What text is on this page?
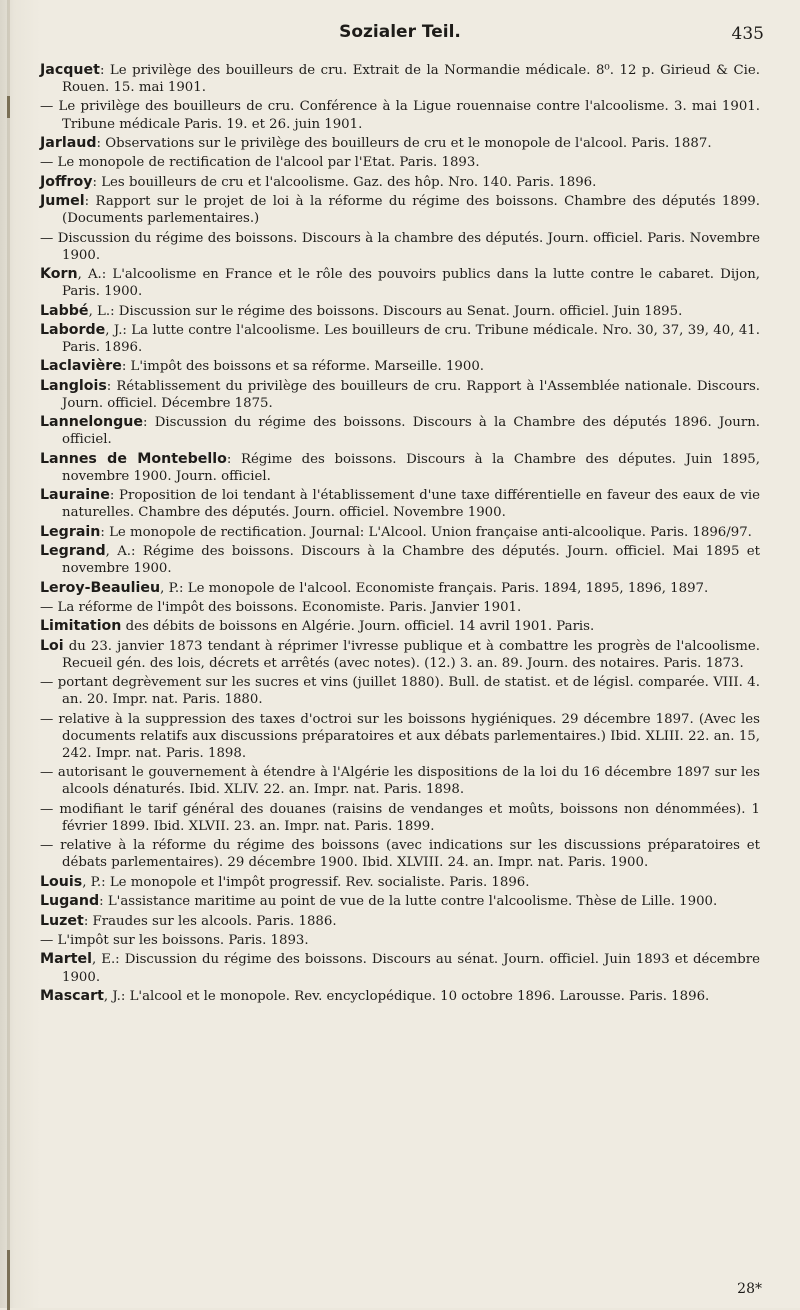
Sozialer Teil.	435

Jacquet: Le privilège des bouilleurs de cru. Extrait de la Normandie médicale. 8⁰. 12 p. Girieud & Cie. Rouen. 15. mai 1901.

— Le privilège des bouilleurs de cru. Conférence à la Ligue rouennaise contre l'alcoolisme. 3. mai 1901. Tribune médicale Paris. 19. et 26. juin 1901.

Jarlaud: Observations sur le privilège des bouilleurs de cru et le monopole de l'alcool. Paris. 1887.

— Le monopole de rectification de l'alcool par l'Etat. Paris. 1893.

Joffroy: Les bouilleurs de cru et l'alcoolisme. Gaz. des hôp. Nro. 140. Paris. 1896.

Jumel: Rapport sur le projet de loi à la réforme du régime des boissons. Chambre des députés 1899. (Documents parlementaires.)

— Discussion du régime des boissons. Discours à la chambre des députés. Journ. officiel. Paris. Novembre 1900.

Korn, A.: L'alcoolisme en France et le rôle des pouvoirs publics dans la lutte contre le cabaret. Dijon, Paris. 1900.

Labbé, L.: Discussion sur le régime des boissons. Discours au Senat. Journ. officiel. Juin 1895.

Laborde, J.: La lutte contre l'alcoolisme. Les bouilleurs de cru. Tribune médicale. Nro. 30, 37, 39, 40, 41. Paris. 1896.

Laclavière: L'impôt des boissons et sa réforme. Marseille. 1900.

Langlois: Rétablissement du privilège des bouilleurs de cru. Rapport à l'Assemblée nationale. Discours. Journ. officiel. Décembre 1875.

Lannelongue: Discussion du régime des boissons. Discours à la Chambre des députés 1896. Journ. officiel.

Lannes de Montebello: Régime des boissons. Discours à la Chambre des députes. Juin 1895, novembre 1900. Journ. officiel.

Lauraine: Proposition de loi tendant à l'établissement d'une taxe différentielle en faveur des eaux de vie naturelles. Chambre des députés. Journ. officiel. Novembre 1900.

Legrain: Le monopole de rectification. Journal: L'Alcool. Union française anti-alcoolique. Paris. 1896/97.

Legrand, A.: Régime des boissons. Discours à la Chambre des députés. Journ. officiel. Mai 1895 et novembre 1900.

Leroy-Beaulieu, P.: Le monopole de l'alcool. Economiste français. Paris. 1894, 1895, 1896, 1897.

— La réforme de l'impôt des boissons. Economiste. Paris. Janvier 1901.

Limitation des débits de boissons en Algérie. Journ. officiel. 14 avril 1901. Paris.

Loi du 23. janvier 1873 tendant à réprimer l'ivresse publique et à combattre les progrès de l'alcoolisme. Recueil gén. des lois, décrets et arrêtés (avec notes). (12.) 3. an. 89. Journ. des notaires. Paris. 1873.

— portant degrèvement sur les sucres et vins (juillet 1880). Bull. de statist. et de législ. comparée. VIII. 4. an. 20. Impr. nat. Paris. 1880.

— relative à la suppression des taxes d'octroi sur les boissons hygiéniques. 29 décembre 1897. (Avec les documents relatifs aux discussions préparatoires et aux débats parlementaires.) Ibid. XLIII. 22. an. 15, 242. Impr. nat. Paris. 1898.

— autorisant le gouvernement à étendre à l'Algérie les dispositions de la loi du 16 décembre 1897 sur les alcools dénaturés. Ibid. XLIV. 22. an. Impr. nat. Paris. 1898.

— modifiant le tarif général des douanes (raisins de vendanges et moûts, boissons non dénommées). 1 février 1899. Ibid. XLVII. 23. an. Impr. nat. Paris. 1899.

— relative à la réforme du régime des boissons (avec indications sur les discussions préparatoires et débats parlementaires). 29 décembre 1900. Ibid. XLVIII. 24. an. Impr. nat. Paris. 1900.

Louis, P.: Le monopole et l'impôt progressif. Rev. socialiste. Paris. 1896.

Lugand: L'assistance maritime au point de vue de la lutte contre l'alcoolisme. Thèse de Lille. 1900.

Luzet: Fraudes sur les alcools. Paris. 1886.

— L'impôt sur les boissons. Paris. 1893.

Martel, E.: Discussion du régime des boissons. Discours au sénat. Journ. officiel. Juin 1893 et décembre 1900.

Mascart, J.: L'alcool et le monopole. Rev. encyclopédique. 10 octobre 1896. Larousse. Paris. 1896.

28*
